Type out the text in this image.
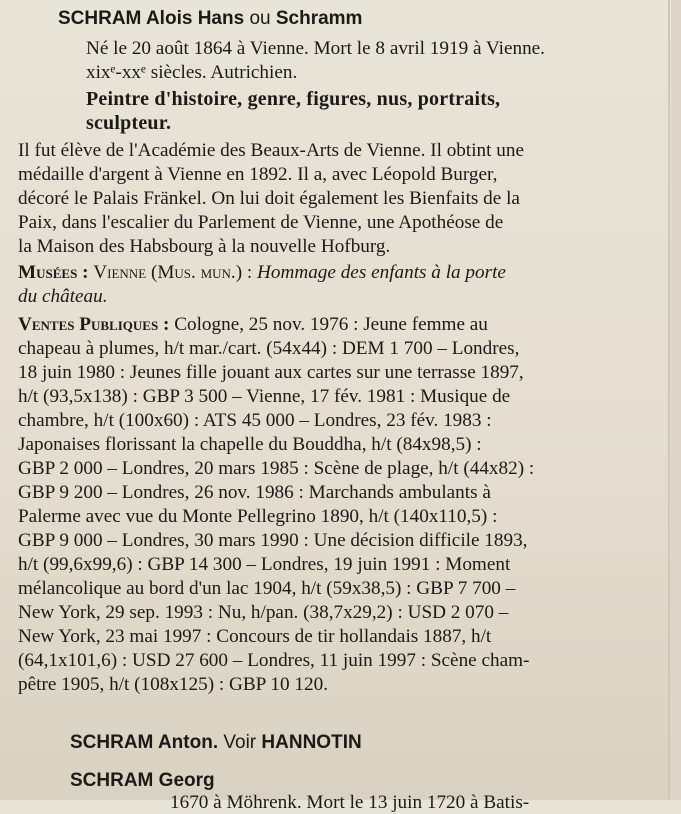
SCHRAM Alois Hans ou Schramm
Né le 20 août 1864 à Vienne. Mort le 8 avril 1919 à Vienne.
xixᵉ-xxᵉ siècles. Autrichien.
Peintre d'histoire, genre, figures, nus, portraits,
sculpteur.
Il fut élève de l'Académie des Beaux-Arts de Vienne. Il obtint une
médaille d'argent à Vienne en 1892. Il a, avec Léopold Burger,
décoré le Palais Fränkel. On lui doit également les Bienfaits de la
Paix, dans l'escalier du Parlement de Vienne, une Apothéose de
la Maison des Habsbourg à la nouvelle Hofburg.
Musées : Vienne (Mus. mun.) : Hommage des enfants à la porte
du château.
Ventes Publiques : Cologne, 25 nov. 1976 : Jeune femme au
chapeau à plumes, h/t mar./cart. (54x44) : DEM 1 700 – Londres,
18 juin 1980 : Jeunes fille jouant aux cartes sur une terrasse 1897,
h/t (93,5x138) : GBP 3 500 – Vienne, 17 fév. 1981 : Musique de
chambre, h/t (100x60) : ATS 45 000 – Londres, 23 fév. 1983 :
Japonaises florissant la chapelle du Bouddha, h/t (84x98,5) :
GBP 2 000 – Londres, 20 mars 1985 : Scène de plage, h/t (44x82) :
GBP 9 200 – Londres, 26 nov. 1986 : Marchands ambulants à
Palerme avec vue du Monte Pellegrino 1890, h/t (140x110,5) :
GBP 9 000 – Londres, 30 mars 1990 : Une décision difficile 1893,
h/t (99,6x99,6) : GBP 14 300 – Londres, 19 juin 1991 : Moment
mélancolique au bord d'un lac 1904, h/t (59x38,5) : GBP 7 700 –
New York, 29 sep. 1993 : Nu, h/pan. (38,7x29,2) : USD 2 070 –
New York, 23 mai 1997 : Concours de tir hollandais 1887, h/t
(64,1x101,6) : USD 27 600 – Londres, 11 juin 1997 : Scène cham-
pêtre 1905, h/t (108x125) : GBP 10 120.
SCHRAM Anton. Voir HANNOTIN
SCHRAM Georg
1670 à Möhrenk. Mort le 13 juin 1720 à Batis-
